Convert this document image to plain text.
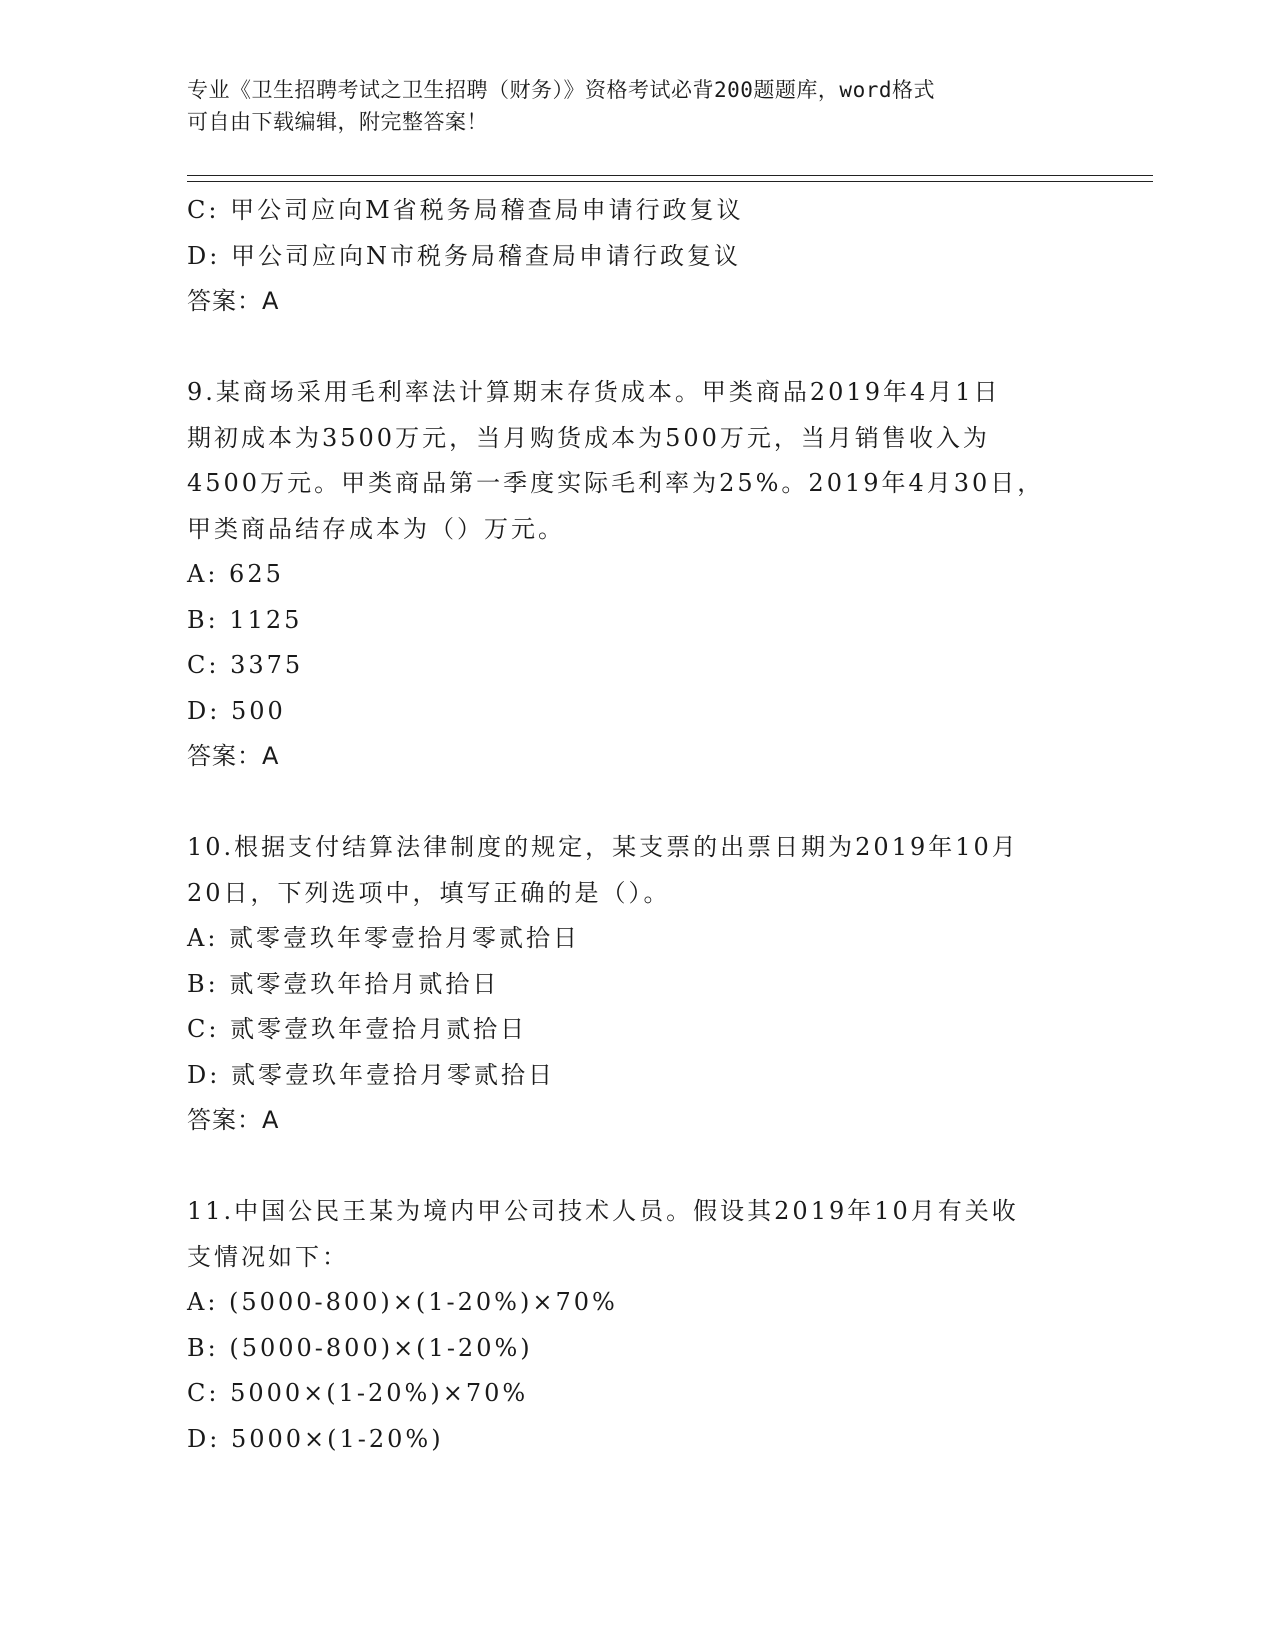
专业《卫生招聘考试之卫生招聘（财务）》资格考试必背200题题库，word格式
可自由下载编辑，附完整答案！
C: 甲公司应向M省税务局稽查局申请行政复议
D: 甲公司应向N市税务局稽查局申请行政复议
答案：A
9.某商场采用毛利率法计算期末存货成本。甲类商品2019年4月1日
期初成本为3500万元，当月购货成本为500万元，当月销售收入为
4500万元。甲类商品第一季度实际毛利率为25%。2019年4月30日，
甲类商品结存成本为（）万元。
A: 625
B: 1125
C: 3375
D: 500
答案：A
10.根据支付结算法律制度的规定，某支票的出票日期为2019年10月
20日，下列选项中，填写正确的是（）。
A: 贰零壹玖年零壹拾月零贰拾日
B: 贰零壹玖年拾月贰拾日
C: 贰零壹玖年壹拾月贰拾日
D: 贰零壹玖年壹拾月零贰拾日
答案：A
11.中国公民王某为境内甲公司技术人员。假设其2019年10月有关收
支情况如下：
A: (5000-800)×(1-20%)×70%
B: (5000-800)×(1-20%)
C: 5000×(1-20%)×70%
D: 5000×(1-20%)
